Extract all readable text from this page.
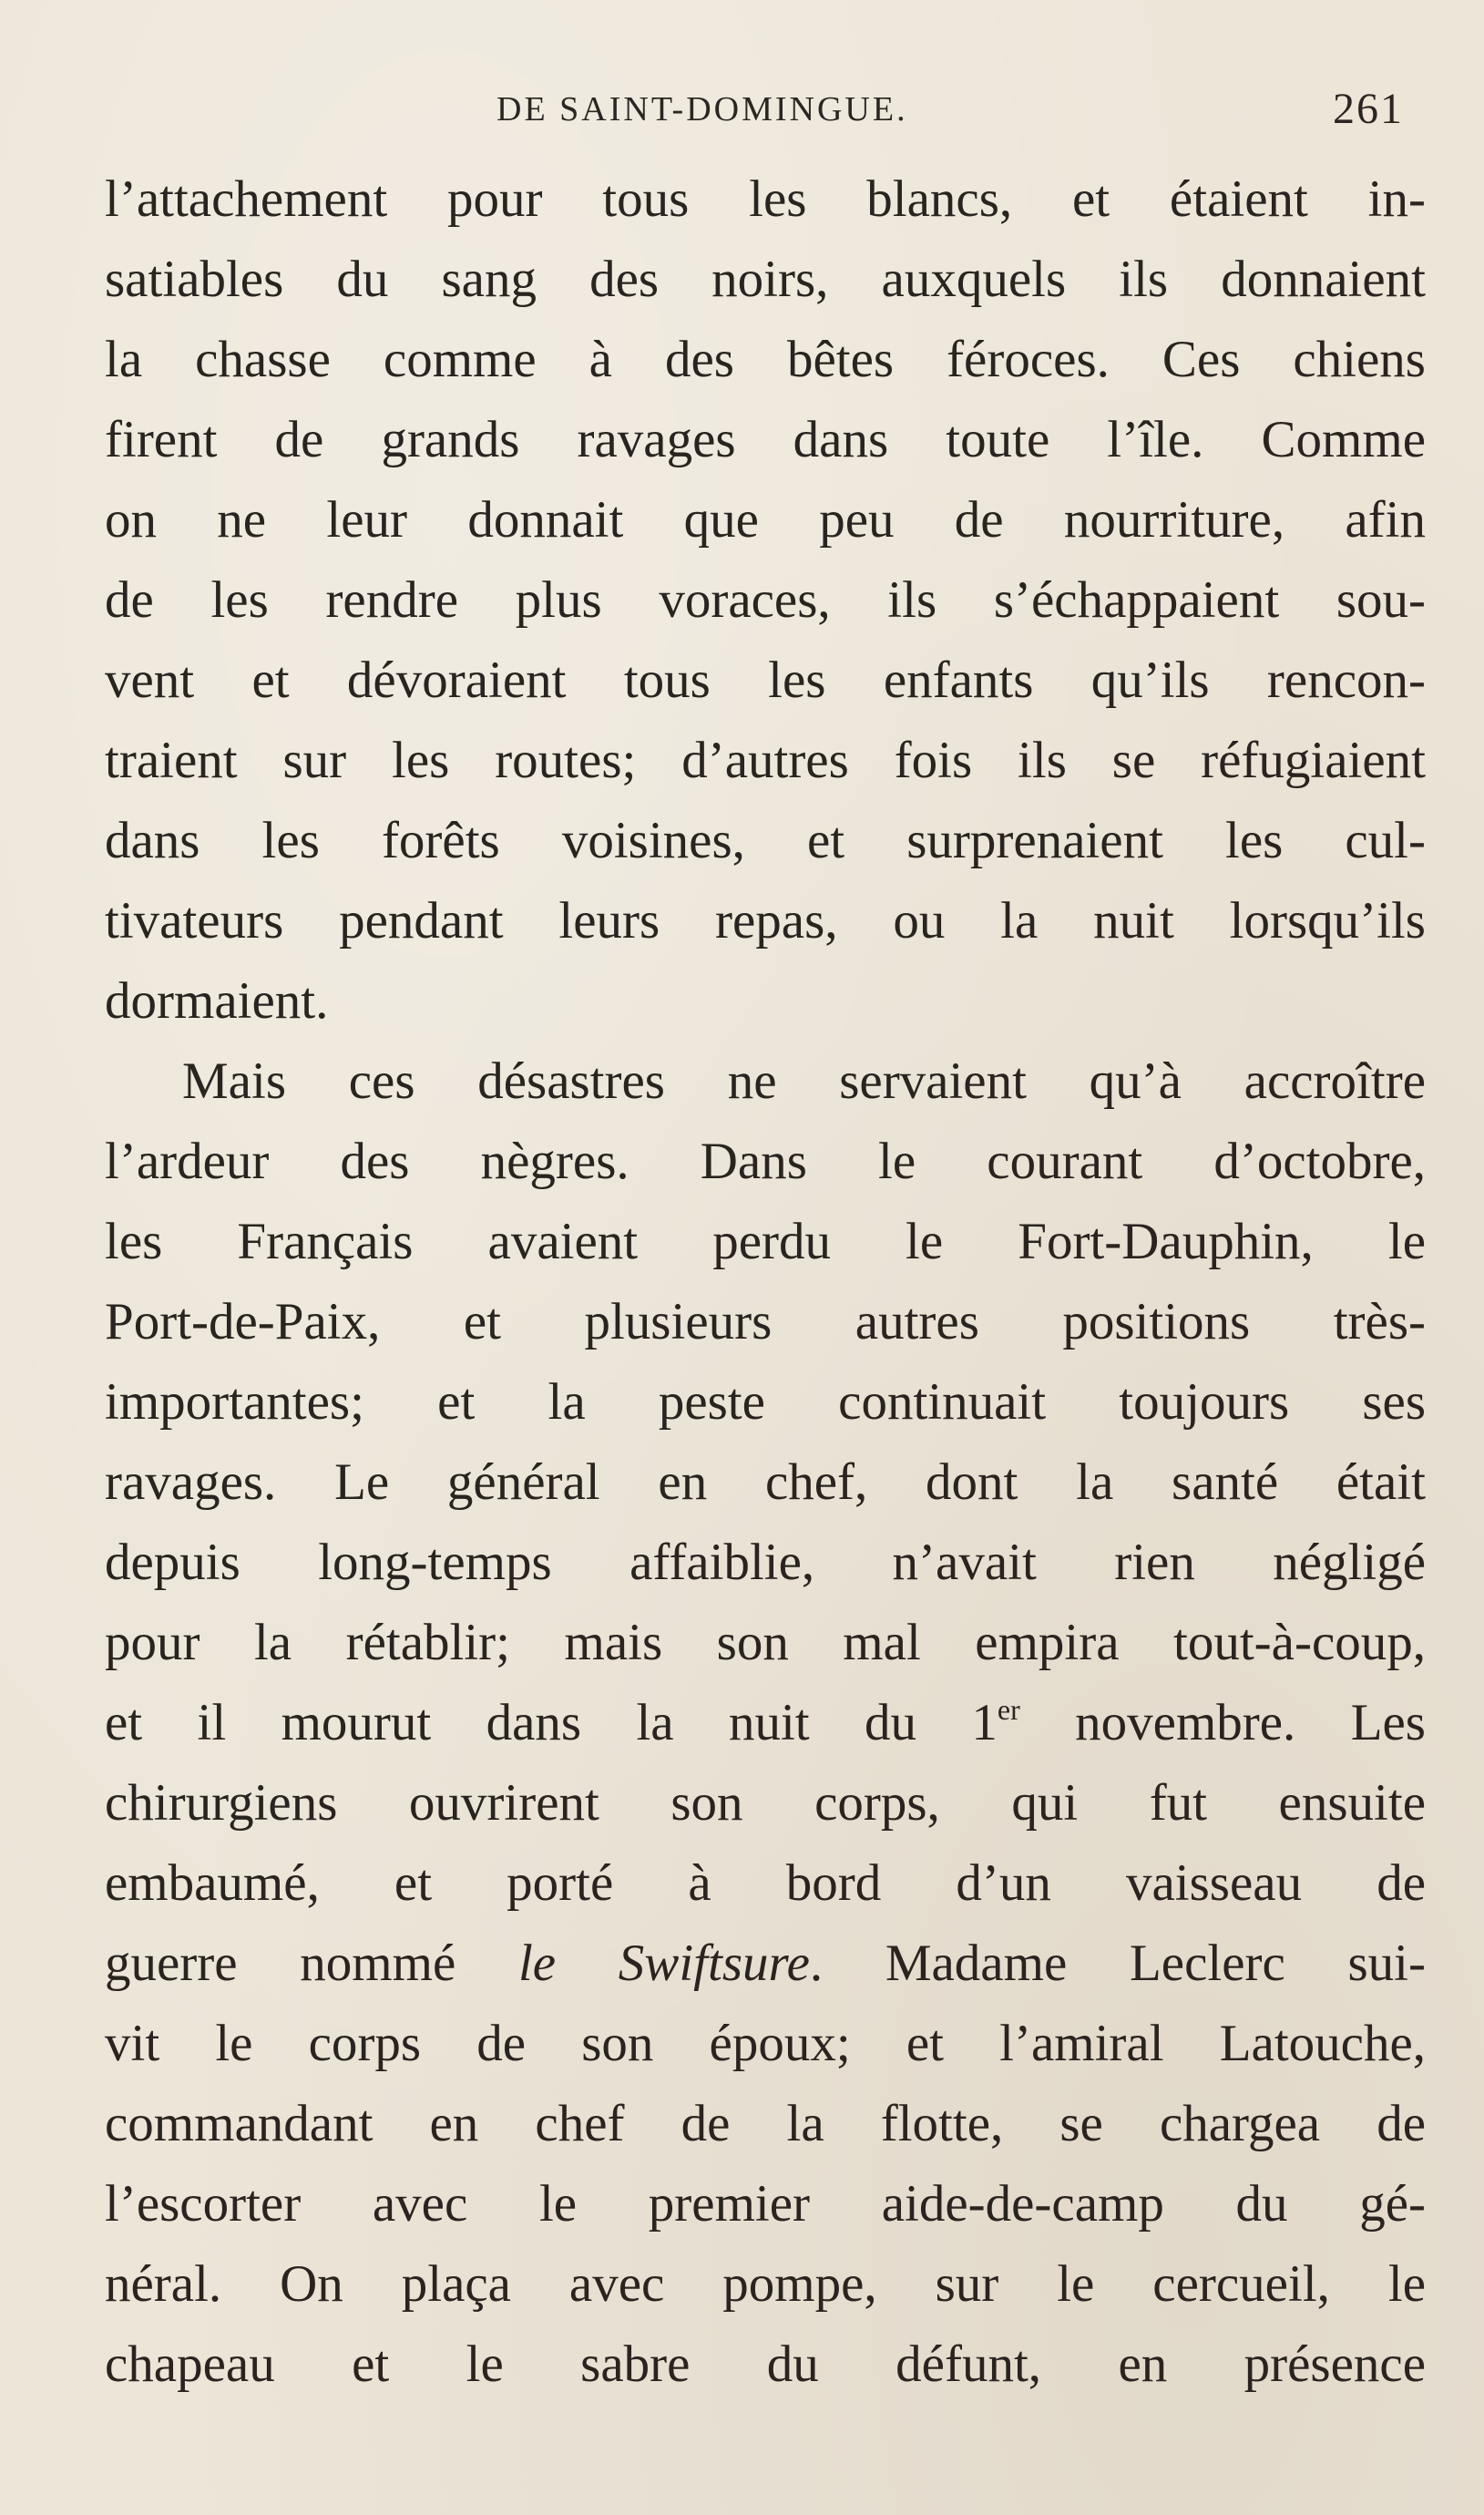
DE SAINT-DOMINGUE.	261
l’attachement pour tous les blancs, et étaient in-
satiables du sang des noirs, auxquels ils donnaient
la chasse comme à des bêtes féroces. Ces chiens
firent de grands ravages dans toute l’île. Comme
on ne leur donnait que peu de nourriture, afin
de les rendre plus voraces, ils s’échappaient sou-
vent et dévoraient tous les enfants qu’ils rencon-
traient sur les routes; d’autres fois ils se réfugiaient
dans les forêts voisines, et surprenaient les cul-
tivateurs pendant leurs repas, ou la nuit lorsqu’ils
dormaient.
Mais ces désastres ne servaient qu’à accroître
l’ardeur des nègres. Dans le courant d’octobre,
les Français avaient perdu le Fort-Dauphin, le
Port-de-Paix, et plusieurs autres positions très-
importantes; et la peste continuait toujours ses
ravages. Le général en chef, dont la santé était
depuis long-temps affaiblie, n’avait rien négligé
pour la rétablir; mais son mal empira tout-à-coup,
et il mourut dans la nuit du 1er novembre. Les
chirurgiens ouvrirent son corps, qui fut ensuite
embaumé, et porté à bord d’un vaisseau de
guerre nommé le Swiftsure. Madame Leclerc sui-
vit le corps de son époux; et l’amiral Latouche,
commandant en chef de la flotte, se chargea de
l’escorter avec le premier aide-de-camp du gé-
néral. On plaça avec pompe, sur le cercueil, le
chapeau et le sabre du défunt, en présence
